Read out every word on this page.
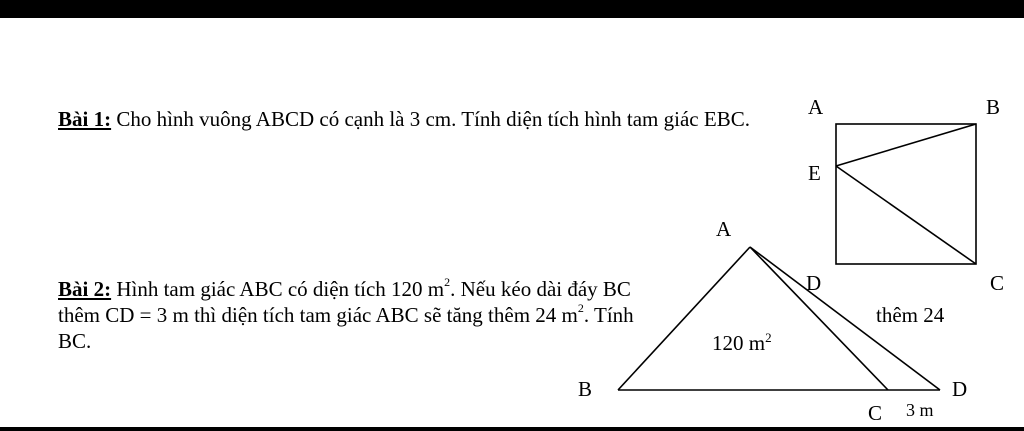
Bài 1: Cho hình vuông ABCD có cạnh là 3 cm. Tính diện tích hình tam giác EBC.
Bài 2: Hình tam giác ABC có diện tích 120 $m^2$. Nếu kéo dài đáy BC thêm CD = 3 m thì diện tích tam giác ABC sẽ tăng thêm 24 $m^2$. Tính BC.
A	B
E
D	C
A
B
C
D
120 $m^2$
thêm 24
3 m
